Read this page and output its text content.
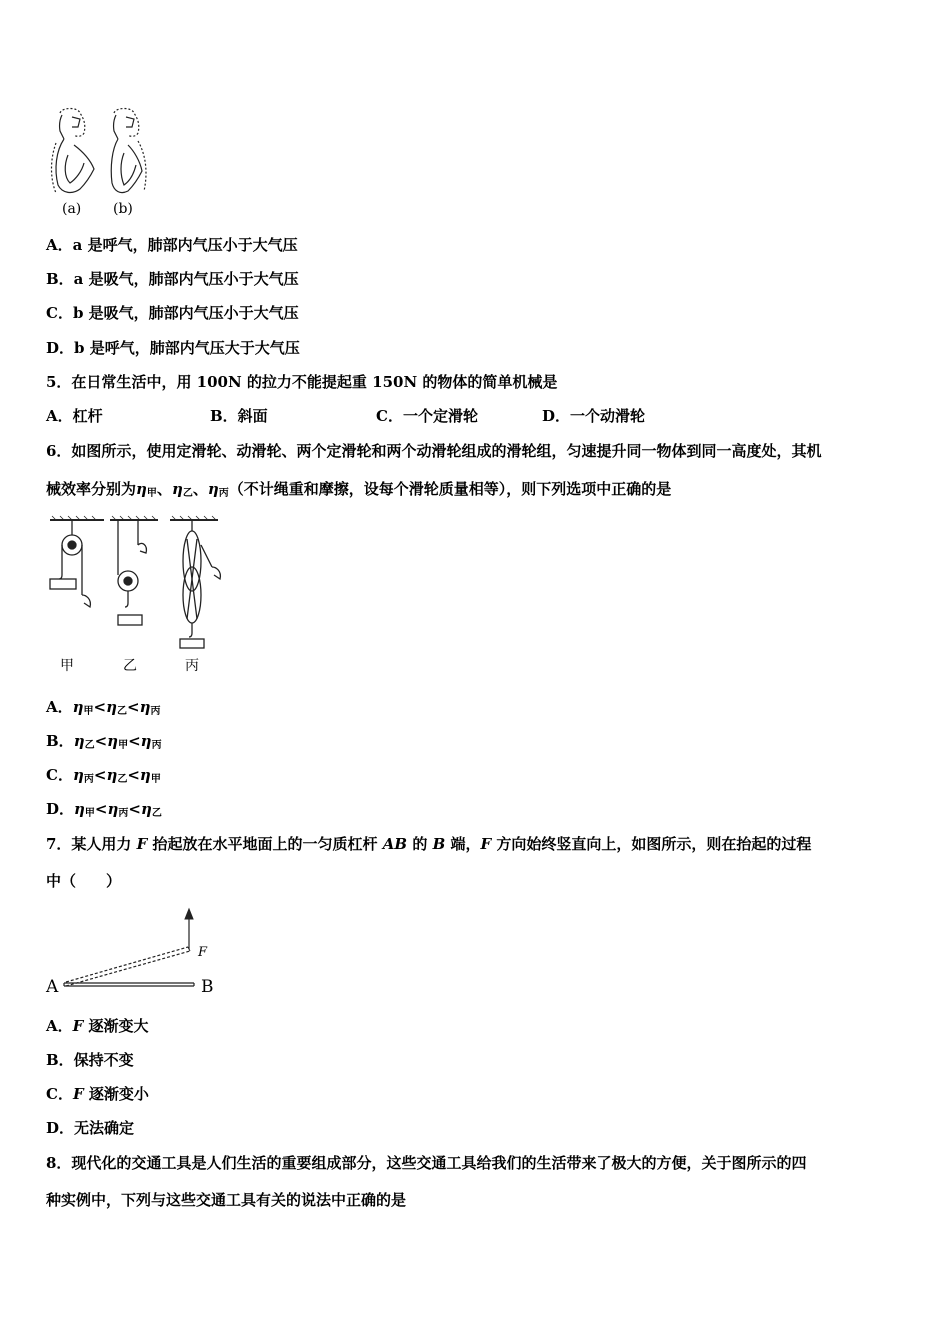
(a) (b)
A．a 是呼气，肺部内气压小于大气压
B．a 是吸气，肺部内气压小于大气压
C．b 是吸气，肺部内气压小于大气压
D．b 是呼气，肺部内气压大于大气压
5．在日常生活中，用 100N 的拉力不能提起重 150N 的物体的简单机械是
A．杠杆	B．斜面	C．一个定滑轮	D．一个动滑轮
6．如图所示，使用定滑轮、动滑轮、两个定滑轮和两个动滑轮组成的滑轮组，匀速提升同一物体到同一高度处，其机
械效率分别为$\eta_甲$、$\eta_乙$、$\eta_丙$（不计绳重和摩擦，设每个滑轮质量相等），则下列选项中正确的是
甲	乙	丙
A．$\eta_甲<\eta_乙<\eta_丙$
B．$\eta_乙<\eta_甲<\eta_丙$
C．$\eta_丙<\eta_乙<\eta_甲$
D．$\eta_甲<\eta_丙<\eta_乙$
7．某人用力 F 抬起放在水平地面上的一匀质杠杆 AB 的 B 端，F 方向始终竖直向上，如图所示，则在抬起的过程
中（　　）
A	B
F
A．F 逐渐变大
B．保持不变
C．F 逐渐变小
D．无法确定
8．现代化的交通工具是人们生活的重要组成部分，这些交通工具给我们的生活带来了极大的方便，关于图所示的四
种实例中，下列与这些交通工具有关的说法中正确的是
